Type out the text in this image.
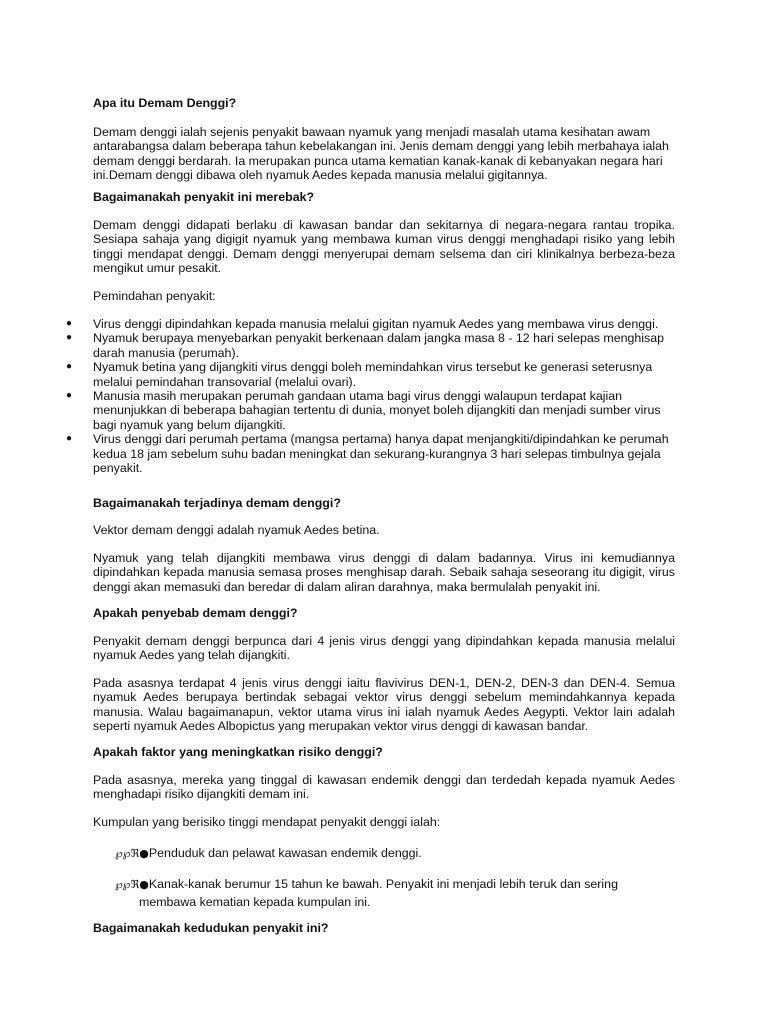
Apa itu Demam Denggi?

Demam denggi ialah sejenis penyakit bawaan nyamuk yang menjadi masalah utama kesihatan awam antarabangsa dalam beberapa tahun kebelakangan ini. Jenis demam denggi yang lebih merbahaya ialah demam denggi berdarah. Ia merupakan punca utama kematian kanak-kanak di kebanyakan negara hari ini.Demam denggi dibawa oleh nyamuk Aedes kepada manusia melalui gigitannya.

Bagaimanakah penyakit ini merebak?

Demam denggi didapati berlaku di kawasan bandar dan sekitarnya di negara-negara rantau tropika. Sesiapa sahaja yang digigit nyamuk yang membawa kuman virus denggi menghadapi risiko yang lebih tinggi mendapat denggi. Demam denggi menyerupai demam selsema dan ciri klinikalnya berbeza-beza mengikut umur pesakit.

Pemindahan penyakit:

● Virus denggi dipindahkan kepada manusia melalui gigitan nyamuk Aedes yang membawa virus denggi.
● Nyamuk berupaya menyebarkan penyakit berkenaan dalam jangka masa 8 - 12 hari selepas menghisap darah manusia (perumah).
● Nyamuk betina yang dijangkiti virus denggi boleh memindahkan virus tersebut ke generasi seterusnya melalui pemindahan transovarial (melalui ovari).
● Manusia masih merupakan perumah gandaan utama bagi virus denggi walaupun terdapat kajian menunjukkan di beberapa bahagian tertentu di dunia, monyet boleh dijangkiti dan menjadi sumber virus bagi nyamuk yang belum dijangkiti.
● Virus denggi dari perumah pertama (mangsa pertama) hanya dapat menjangkiti/dipindahkan ke perumah kedua 18 jam sebelum suhu badan meningkat dan sekurang-kurangnya 3 hari selepas timbulnya gejala penyakit.
Bagaimanakah terjadinya demam denggi?

Vektor demam denggi adalah nyamuk Aedes betina.

Nyamuk yang telah dijangkiti membawa virus denggi di dalam badannya. Virus ini kemudiannya dipindahkan kepada manusia semasa proses menghisap darah. Sebaik sahaja seseorang itu digigit, virus denggi akan memasuki dan beredar di dalam aliran darahnya, maka bermulalah penyakit ini.

Apakah penyebab demam denggi?

Penyakit demam denggi berpunca dari 4 jenis virus denggi yang dipindahkan kepada manusia melalui nyamuk Aedes yang telah dijangkiti.

Pada asasnya terdapat 4 jenis virus denggi iaitu flavivirus DEN-1, DEN-2, DEN-3 dan DEN-4. Semua nyamuk Aedes berupaya bertindak sebagai vektor virus denggi sebelum memindahkannya kepada manusia. Walau bagaimanapun, vektor utama virus ini ialah nyamuk Aedes Aegypti. Vektor lain adalah seperti nyamuk Aedes Albopictus yang merupakan vektor virus denggi di kawasan bandar.

Apakah faktor yang meningkatkan risiko denggi?

Pada asasnya, mereka yang tinggal di kawasan endemik denggi dan terdedah kepada nyamuk Aedes menghadapi risiko dijangkiti demam ini.

Kumpulan yang berisiko tinggi mendapat penyakit denggi ialah:

℘℘ℜ●Penduduk dan pelawat kawasan endemik denggi.
℘℘ℜ●Kanak-kanak berumur 15 tahun ke bawah. Penyakit ini menjadi lebih teruk dan sering
membawa kematian kepada kumpulan ini.
Bagaimanakah kedudukan penyakit ini?
